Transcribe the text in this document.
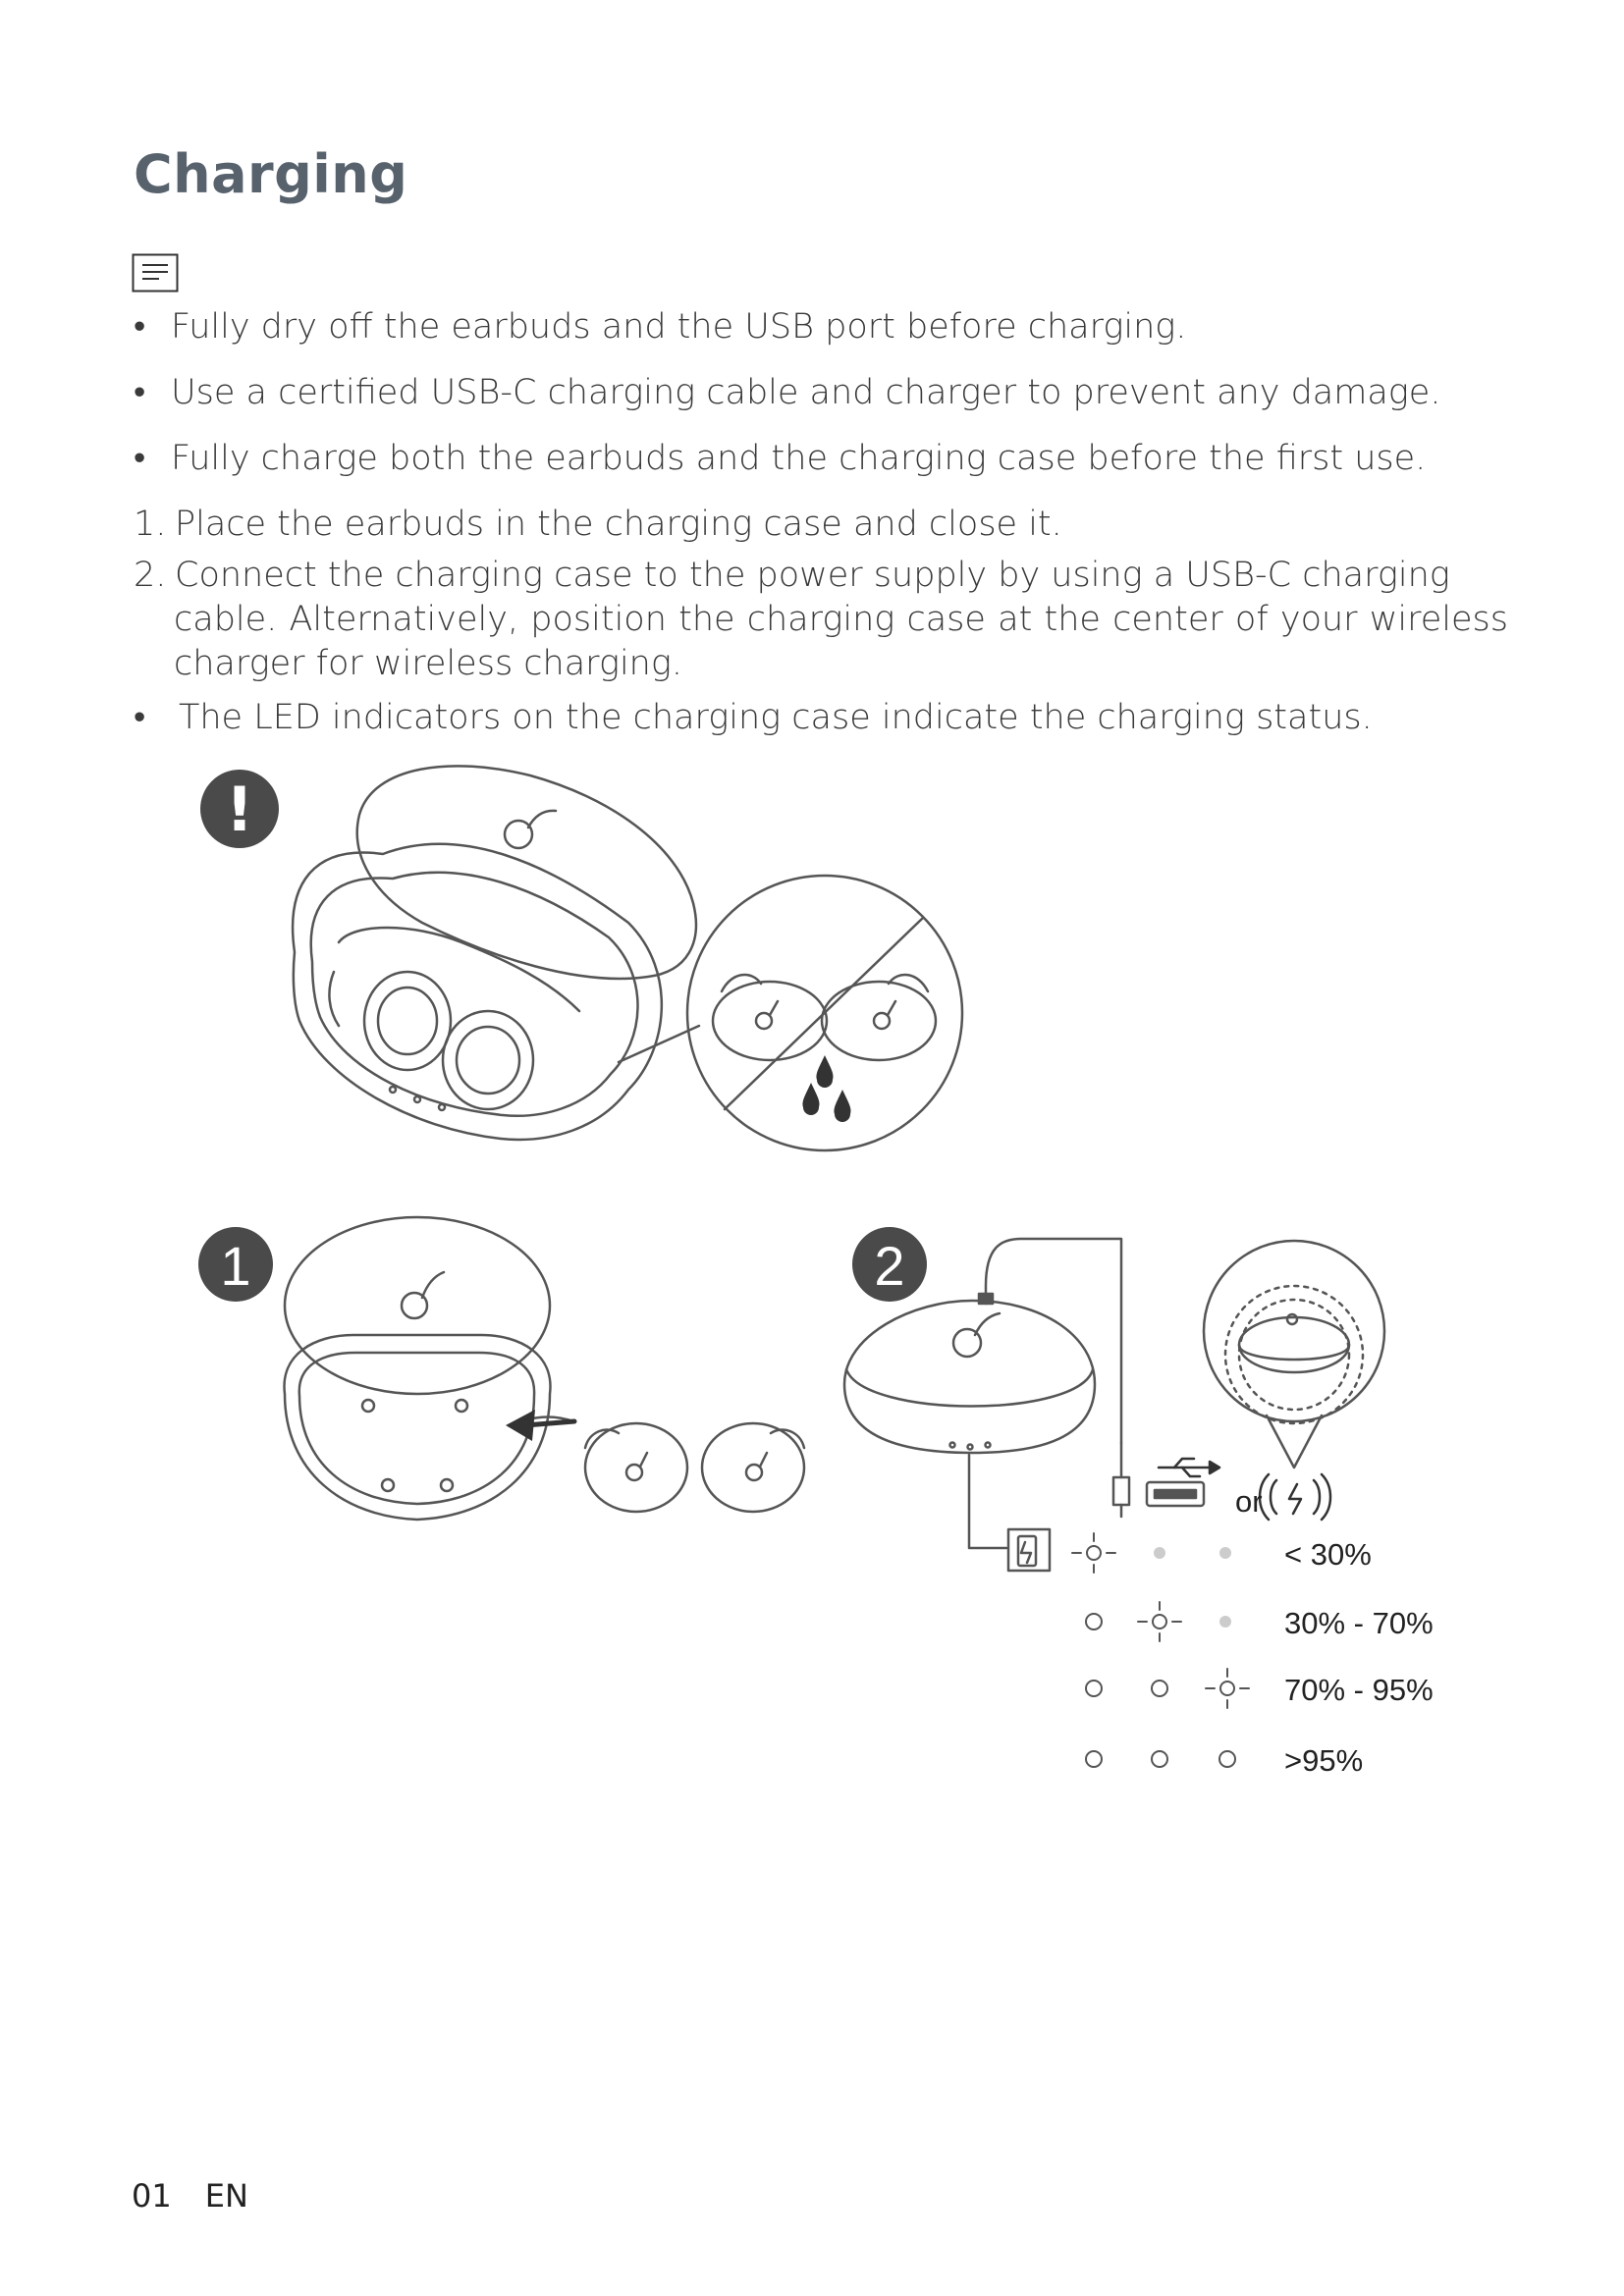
Charging
• Fully dry off the earbuds and the USB port before charging.
• Use a certified USB-C charging cable and charger to prevent any damage.
• Fully charge both the earbuds and the charging case before the first use.
1. Place the earbuds in the charging case and close it.
2. Connect the charging case to the power supply by using a USB-C charging
cable. Alternatively, position the charging case at the center of your wireless charger for wireless charging.
• The LED indicators on the charging case indicate the charging status.
!
1	2
or
< 30%
30% - 70%
70% - 95%
>95%
01 EN
